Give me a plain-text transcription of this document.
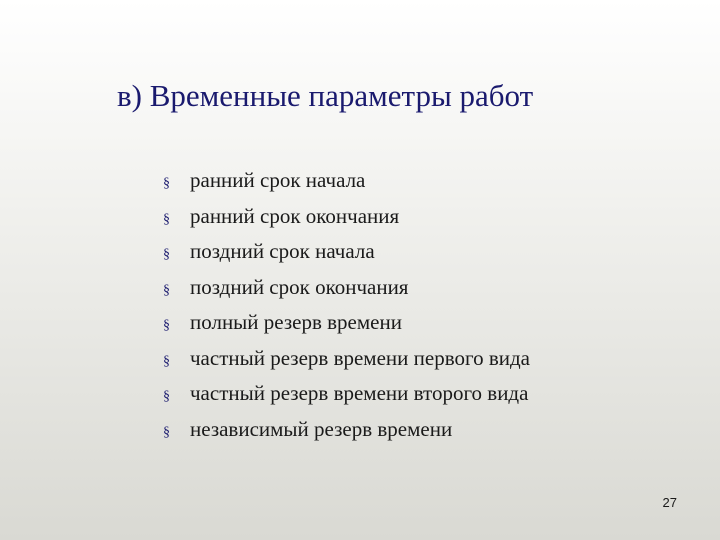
в) Временные параметры работ
§ ранний срок начала
§ ранний срок окончания
§ поздний срок начала
§ поздний срок окончания
§ полный резерв времени
§ частный резерв времени первого вида
§ частный резерв времени второго вида
§ независимый резерв времени
27
